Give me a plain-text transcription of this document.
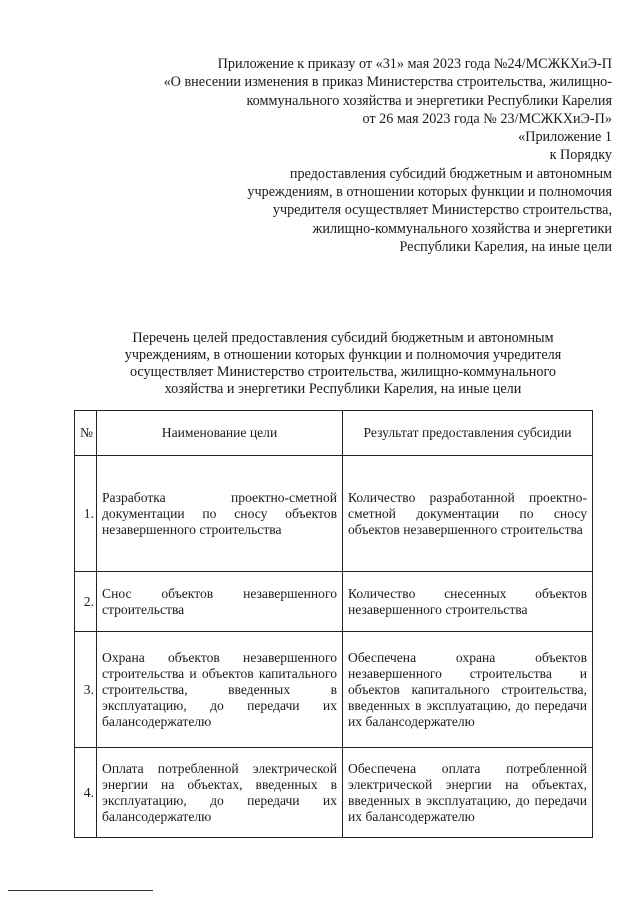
Приложение к приказу от «31» мая 2023 года №24/МСЖКХиЭ-П
«О внесении изменения в приказ Министерства строительства, жилищно-
коммунального хозяйства и энергетики Республики Карелия
от 26 мая 2023 года № 23/МСЖКХиЭ-П»
«Приложение 1
к Порядку
предоставления субсидий бюджетным и автономным
учреждениям, в отношении которых функции и полномочия
учредителя осуществляет Министерство строительства,
жилищно-коммунального хозяйства и энергетики
Республики Карелия, на иные цели
Перечень целей предоставления субсидий бюджетным и автономным
учреждениям, в отношении которых функции и полномочия учредителя
осуществляет Министерство строительства, жилищно-коммунального
хозяйства и энергетики Республики Карелия, на иные цели
№	Наименование цели	Результат предоставления субсидии
1.	Разработка проектно-сметной документации по сносу объектов незавершенного строительства	Количество разработанной проектно-сметной документации по сносу объектов незавершенного строительства
2.	Снос объектов незавершенного строительства	Количество снесенных объектов незавершенного строительства
3.	Охрана объектов незавершенного строительства и объектов капитального строительства, введенных в эксплуатацию, до передачи их балансодержателю	Обеспечена охрана объектов незавершенного строительства и объектов капитального строительства, введенных в эксплуатацию, до передачи их балансодержателю
4.	Оплата потребленной электрической энергии на объектах, введенных в эксплуатацию, до передачи их балансодержателю	Обеспечена оплата потребленной электрической энергии на объектах, введенных в эксплуатацию, до передачи их балансодержателю
